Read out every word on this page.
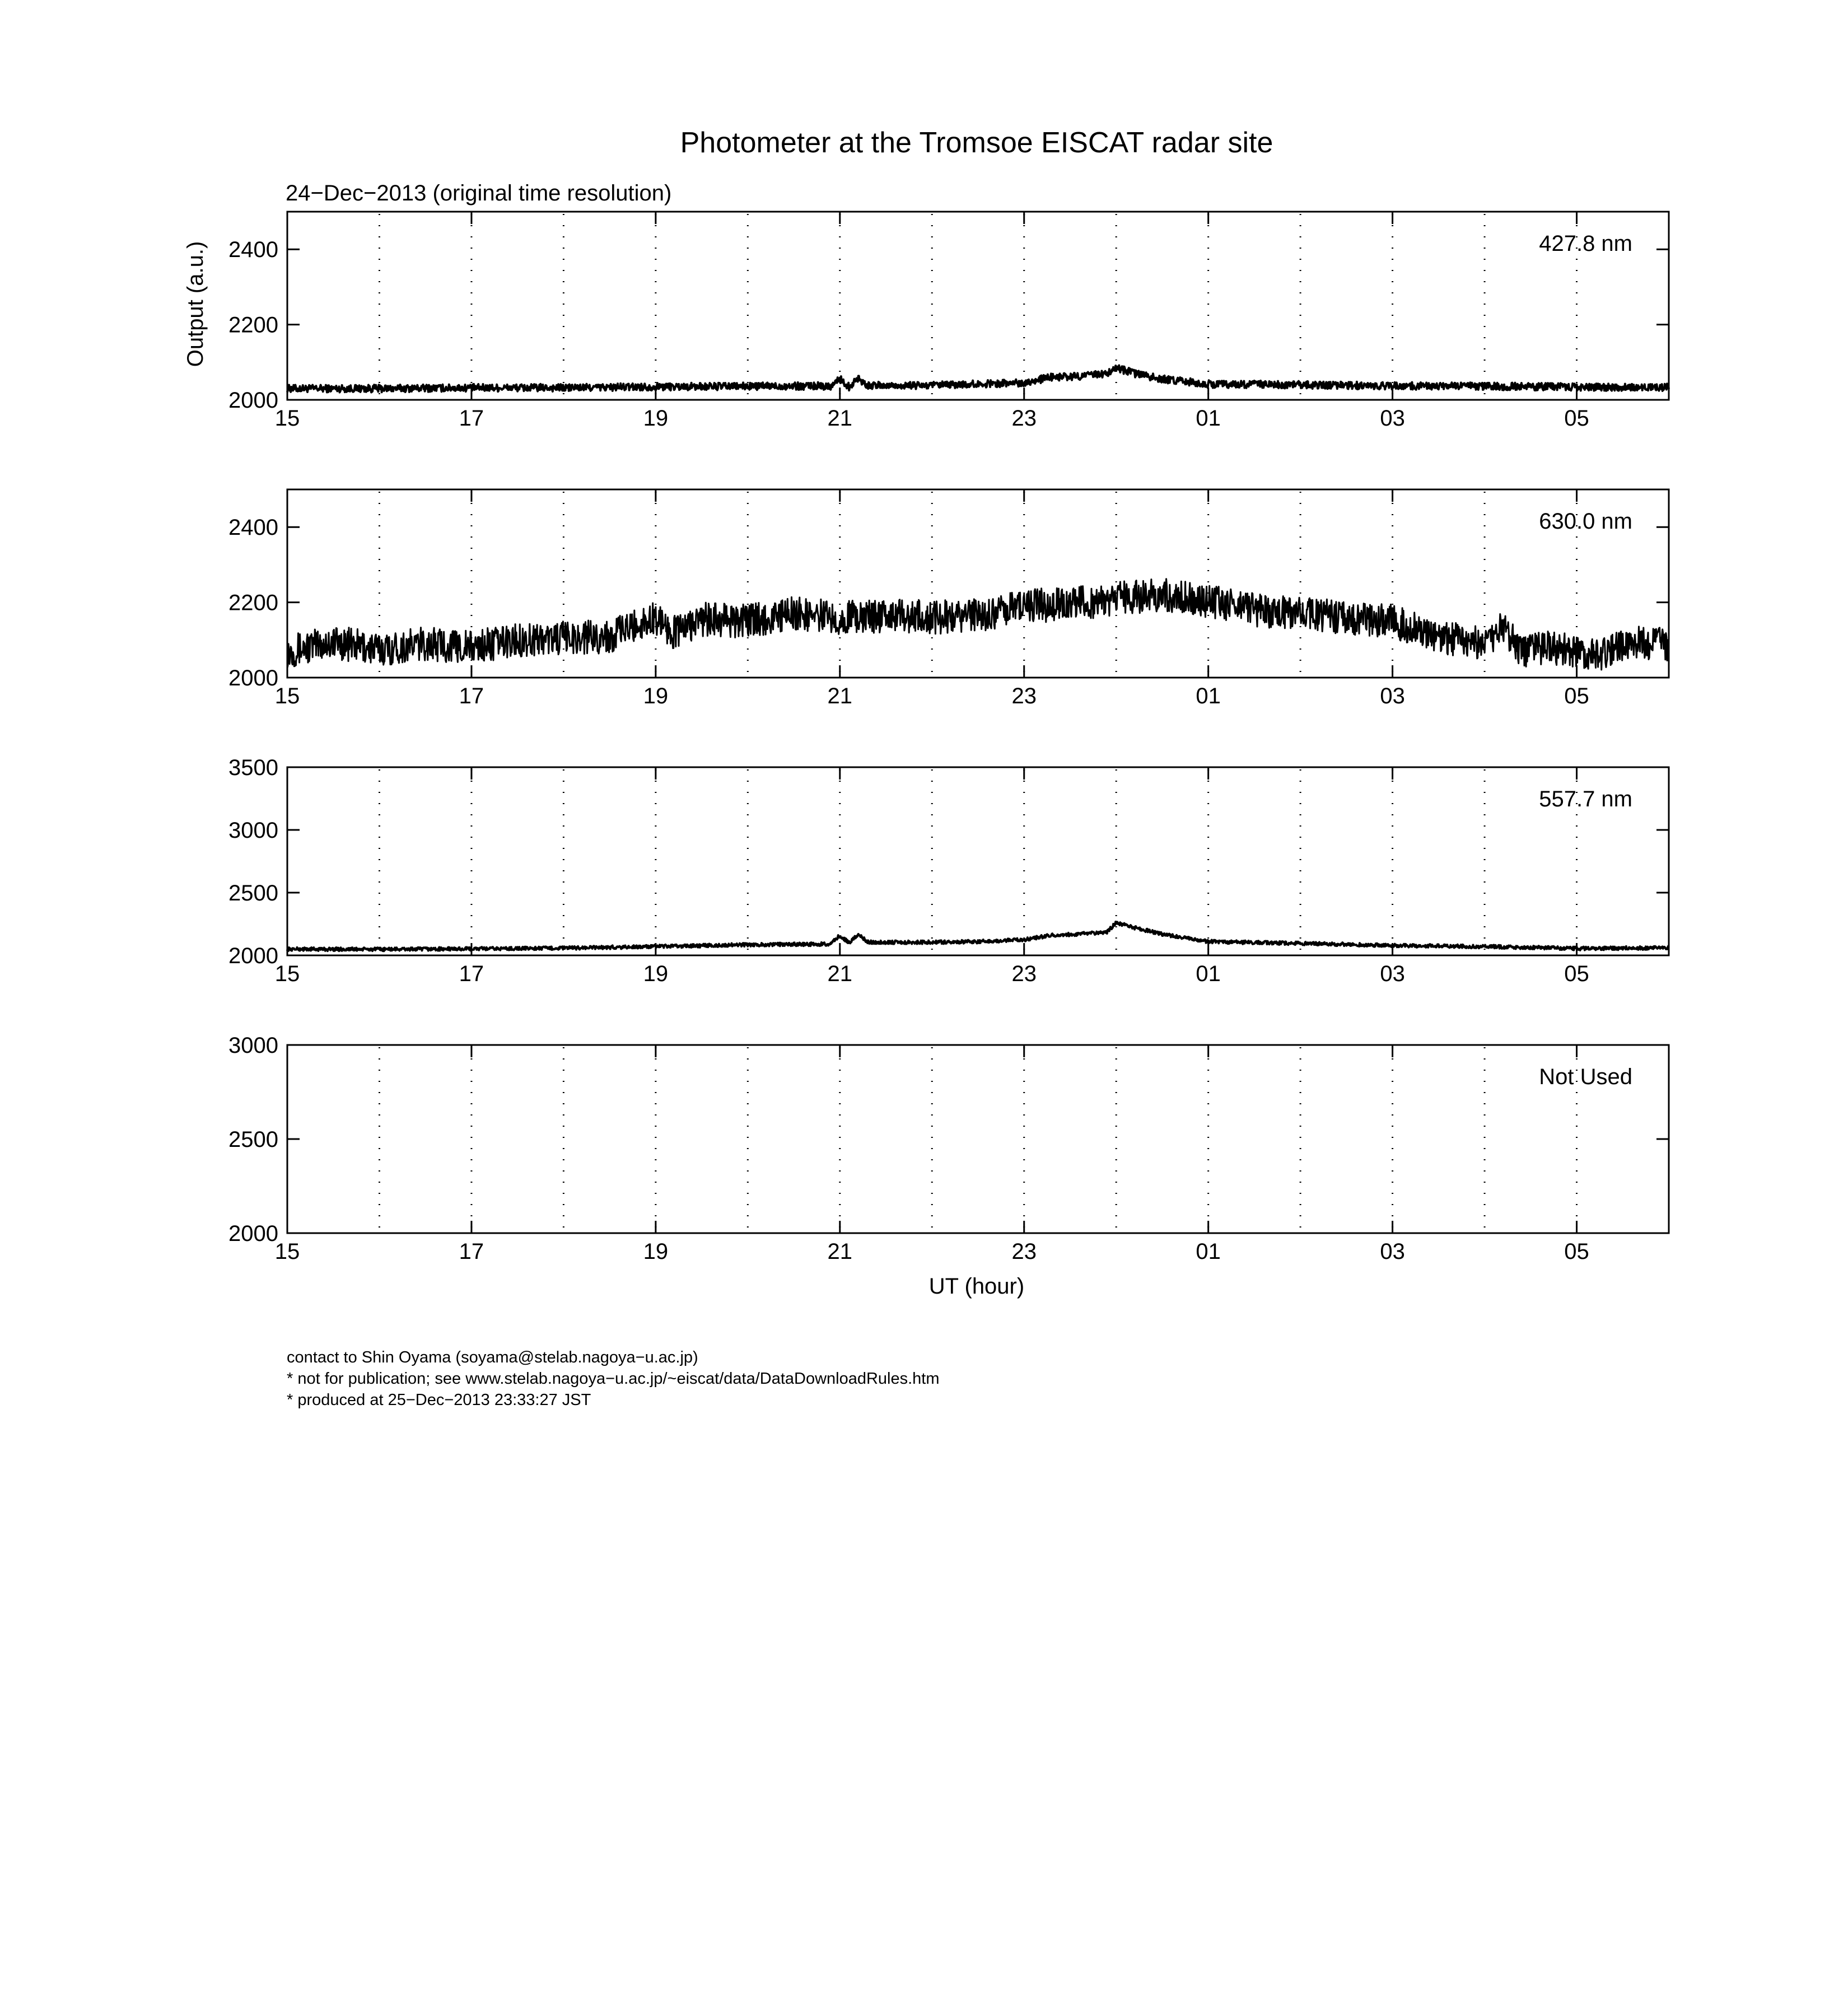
Photometer at the Tromsoe EISCAT radar site
24−Dec−2013 (original time resolution)
Output (a.u.)
UT (hour)
15	17	19	21	23	01	03	05
2000
2200
2400	427.8 nm
15	17	19	21	23	01	03	05
2000
2200
2400	630.0 nm
15	17	19	21	23	01	03	05
2000
2500
3000
3500
557.7 nm
15	17	19	21	23	01	03	05
2000
2500
3000
Not Used
contact to Shin Oyama (soyama@stelab.nagoya−u.ac.jp)
* not for publication; see www.stelab.nagoya−u.ac.jp/~eiscat/data/DataDownloadRules.htm
* produced at 25−Dec−2013 23:33:27 JST
